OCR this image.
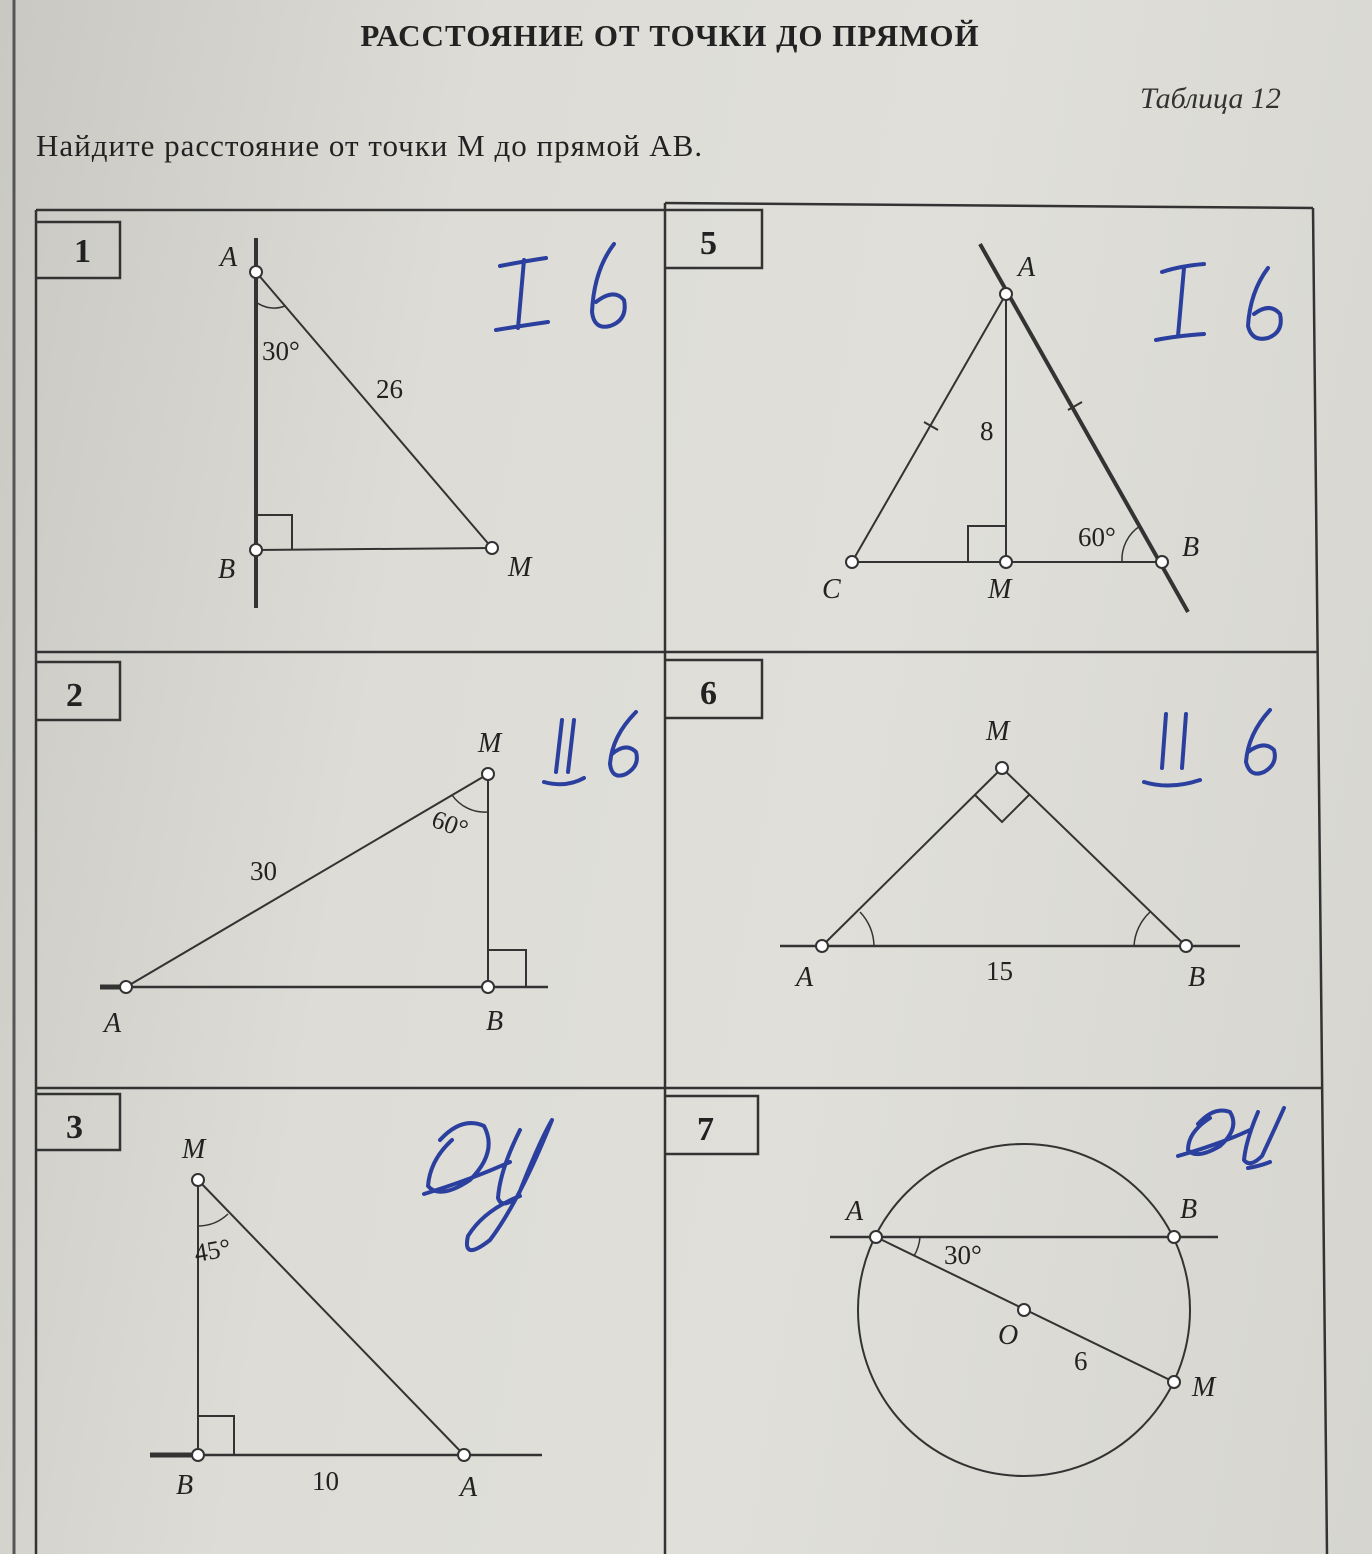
РАССТОЯНИЕ ОТ ТОЧКИ ДО ПРЯМОЙ
Таблица 12
Найдите расстояние от точки М до прямой АВ.
1	5
2	6
3	7
A
B	M
30°
26
A
C	M
B
60°
8
M
A	B
60°
30
M
A	B
15
M
B	A
45°
10
A	B
O
M
30°
6
